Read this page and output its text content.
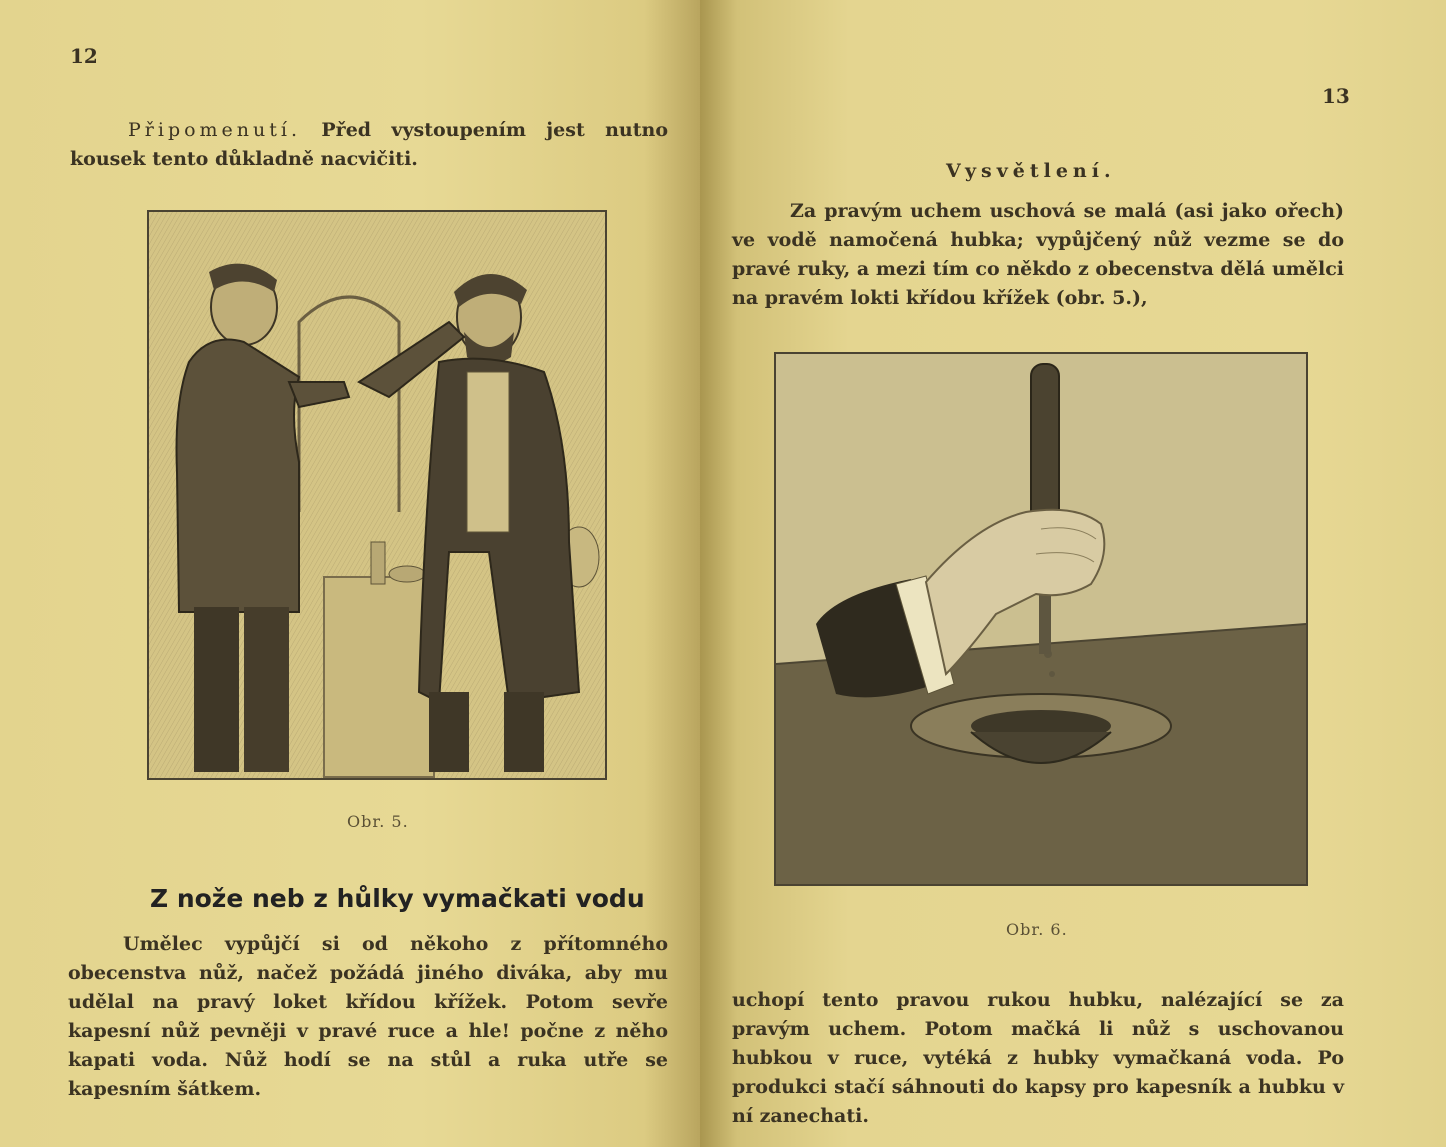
12

Připomenutí. Před vystoupením jest nutno kousek tento důkladně nacvičiti.

Obr. 5.
Z nože neb z hůlky vymačkati vodu

Umělec vypůjčí si od někoho z přítomného obecenstva nůž, načež požádá jiného diváka, aby mu udělal na pravý loket křídou křížek. Potom sevře kapesní nůž pevněji v pravé ruce a hle! počne z něho kapati voda. Nůž hodí se na stůl a ruka utře se kapesním šátkem.

13
Vysvětlení.

Za pravým uchem uschová se malá (asi jako ořech) ve vodě namočená hubka; vypůjčený nůž vezme se do pravé ruky, a mezi tím co někdo z obecenstva dělá umělci na pravém lokti křídou křížek (obr. 5.),

Obr. 6.

uchopí tento pravou rukou hubku, nalézající se za pravým uchem. Potom mačká li nůž s uschovanou hubkou v ruce, vytéká z hubky vymačkaná voda. Po produkci stačí sáhnouti do kapsy pro kapesník a hubku v ní zanechati.
